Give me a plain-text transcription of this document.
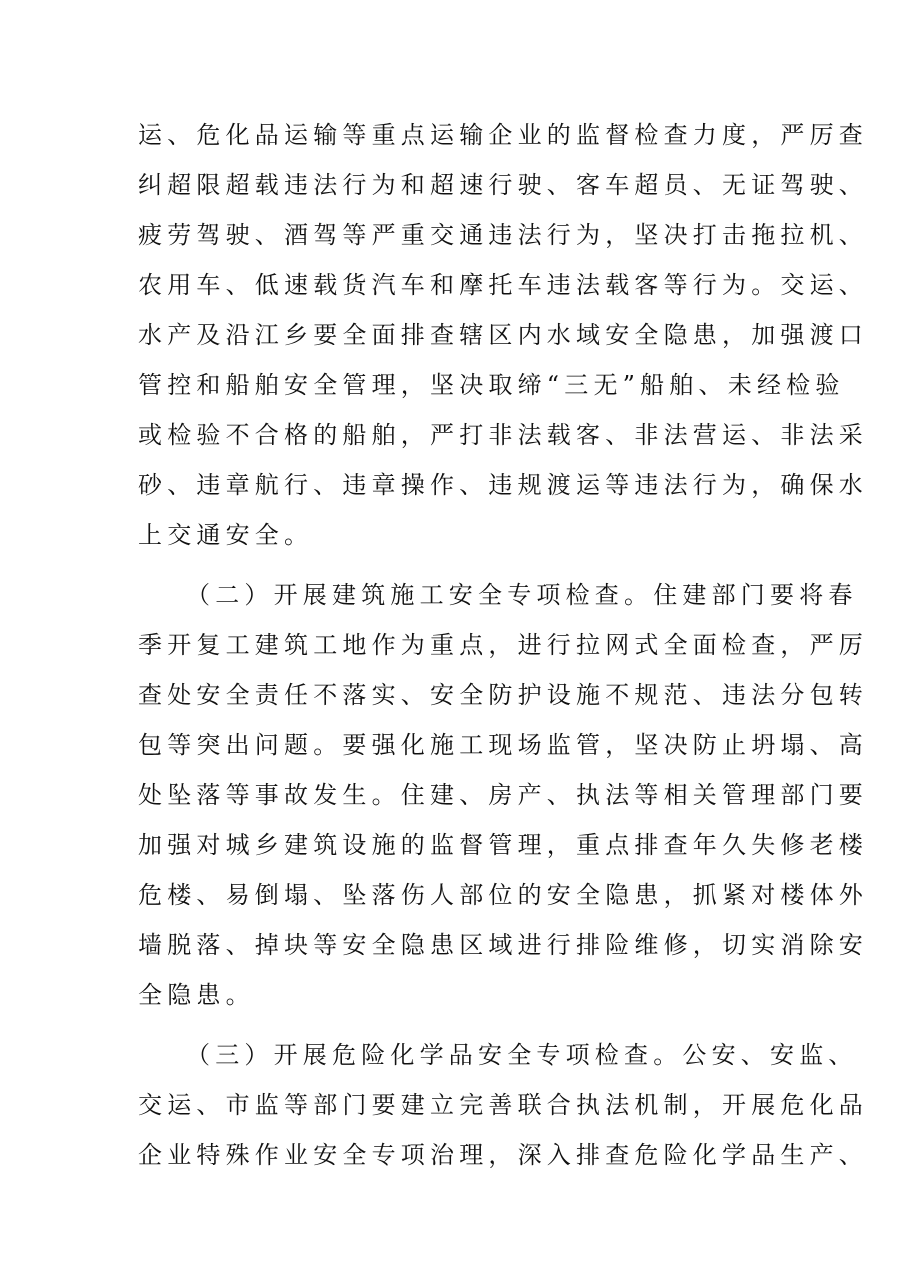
运、危化品运输等重点运输企业的监督检查力度，严厉查
纠超限超载违法行为和超速行驶、客车超员、无证驾驶、
疲劳驾驶、酒驾等严重交通违法行为，坚决打击拖拉机、
农用车、低速载货汽车和摩托车违法载客等行为。交运、
水产及沿江乡要全面排查辖区内水域安全隐患，加强渡口
管控和船舶安全管理，坚决取缔“三无”船舶、未经检验
或检验不合格的船舶，严打非法载客、非法营运、非法采
砂、违章航行、违章操作、违规渡运等违法行为，确保水
上交通安全。
（二）开展建筑施工安全专项检查。住建部门要将春
季开复工建筑工地作为重点，进行拉网式全面检查，严厉
查处安全责任不落实、安全防护设施不规范、违法分包转
包等突出问题。要强化施工现场监管，坚决防止坍塌、高
处坠落等事故发生。住建、房产、执法等相关管理部门要
加强对城乡建筑设施的监督管理，重点排查年久失修老楼
危楼、易倒塌、坠落伤人部位的安全隐患，抓紧对楼体外
墙脱落、掉块等安全隐患区域进行排险维修，切实消除安
全隐患。
（三）开展危险化学品安全专项检查。公安、安监、
交运、市监等部门要建立完善联合执法机制，开展危化品
企业特殊作业安全专项治理，深入排查危险化学品生产、
